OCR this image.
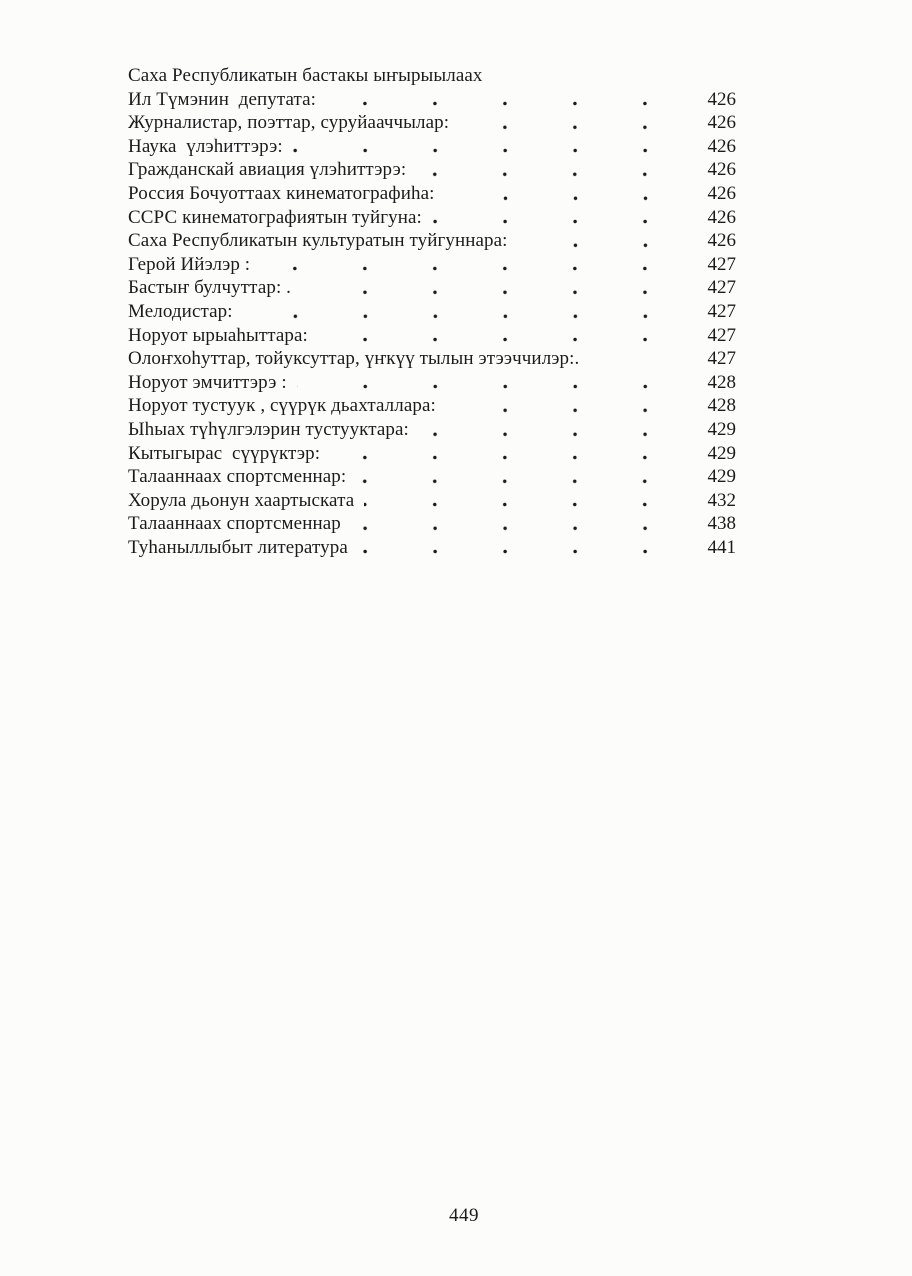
Саха Республикатын бастакы ыҥырыылаах
Ил Түмэнин  депутата:	426
Журналистар, поэттар, суруйааччылар:	426
Наука  үлэһиттэрэ:	426
Гражданскай авиация үлэһиттэрэ:	426
Россия Бочуоттаах кинематографиһа:	426
ССРС кинематографиятын туйгуна:	426
Саха Республикатын культуратын туйгуннара:	426
Герой Ийэлэр :	427
Бастыҥ булчуттар: .	427
Мелодистар:	427
Норуот ырыаһыттара:	427
Олоҥхоһуттар, тойуксуттар, үҥкүү тылын этээччилэр:.	427
Норуот эмчиттэрэ :	428
Норуот тустуук , сүүрүк дьахталлара:	428
Ыһыах түһүлгэлэрин тустууктара:	429
Кытыгырас  сүүрүктэр:	429
Талааннаах спортсменнар:	429
Хорула дьонун хаартыската	432
Талааннаах спортсменнар	438
Туһаныллыбыт литература	441
449
